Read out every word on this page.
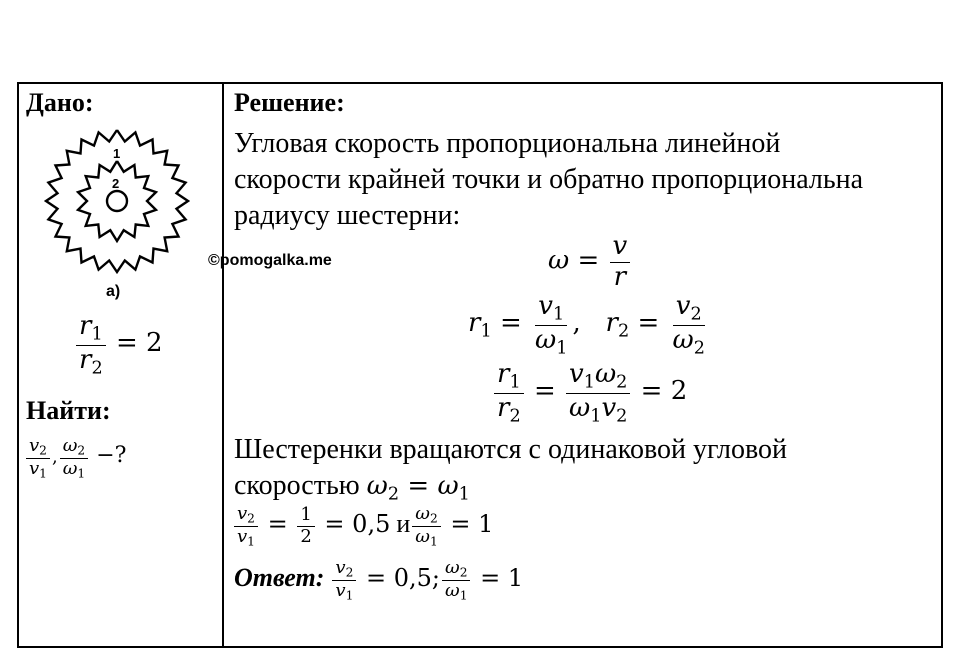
Дано:
1
2
©pomogalka.me
а)
$\frac{r_1}{r_2} = 2$
Найти:
$\frac{v_2}{v_1}$ , $\frac{\omega_2}{\omega_1}$ −?
Решение:
Угловая скорость пропорциональна линейной
скорости крайней точки и обратно пропорциональна
радиусу шестерни:
$\omega = \frac{v}{r}$
$r_1 = \frac{v_1}{\omega_1}$ ,   $r_2 = \frac{v_2}{\omega_2}$
$\frac{r_1}{r_2} = \frac{v_1\omega_2}{\omega_1v_2} = 2$
Шестеренки вращаются с одинаковой угловой
скоростью $\omega_2 = \omega_1$
$\frac{v_2}{v_1} = \frac{1}{2} = 0,5$ и $\frac{\omega_2}{\omega_1} = 1$
Ответ: $\frac{v_2}{v_1} = 0,5$; $\frac{\omega_2}{\omega_1} = 1$
